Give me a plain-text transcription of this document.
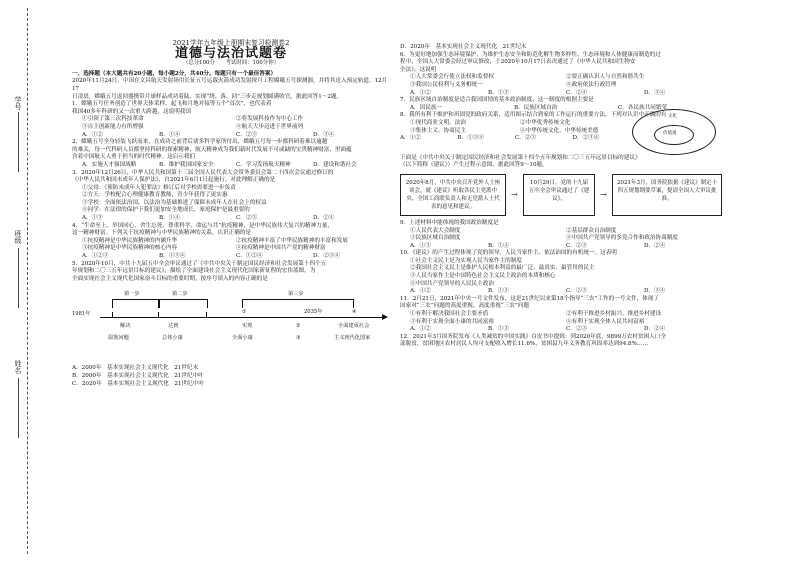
学号
班级
姓名
2021学年九年级上册期末复习检测卷2
道德与法治试题卷
（总分100分　　考试时间：100分钟）

一、选择题（本大题共有20小题，每小题2分，共40分。每题只有一个最佳答案）

2020年11月24日，中国在文昌航天发射场用长征五号运载火箭成功发射探月工程嫦娥五号探测器，并将其送入预定轨道。12月17

日凌晨，嫦娥五号返回器携带月球样品成功着陆，实现“绕、落、回”三步走规划圆满收官，据此回答1～2题。

1．嫦娥五号任务创造了世界天体采样、起飞和月地对接等五个“首次”，也代表着

我国40多年科研的又一次重大跨越，这说明我国

①引领了第三次科技革命	②将发展科技作为中心工作
③自主创新能力有所增强	④航天大步迈进于世界前列
A．①②	B．①④	C．②③	D．③④

2．嫦娥五号全身轻装飞跃而来，在成功之前背后诸多科学家所付出，嫦娥五号每一步都科研着难以逾越

的难关，每一代科研人员都坚持科研的探索精神，航天精神成为我们新时代发展不可或缺的宝贵精神财富，里面蕴

含着中国航天人勇于担当的时代精神。这启示我们

A．实施人才强国战略	B．维护我国国家安全	C．学习发扬航天精神	D．建设和谐社会

3．2020年12月26日，中华人民共和国第十三届全国人民代表大会常务委员会第二十四次会议通过修订的

《中华人民共和国未成年人保护法》，自2021年6月1日起施行。对此理解正确的是

①父母：《预防未成年人犯罪法》修订后对学校需要进一步负责

②方天：学校配合心理健康教育教师，青少年获得了更实惠

③学校：全面依法治国，以法治为基础推进了保障未成年人在社会上的权益

④同学：在法律的保护下我们更加安全地成长，家庭保护是最重要的

A．①③	B．①④	C．②③	D．②④

4．“生命至上、举国同心、舍生忘死、尊重科学、命运与共”抗疫精神，是中华民族伟大复兴的精神力量，

这一精神财富。下列关于抗疫精神与中华民族精神的关系，认识正确的是

①抗疫精神是中华民族精神的内涵升华	②抗疫精神丰富了中华民族精神的丰富和发展
③抗疫精神是中华民族精神的核心内容	④抗疫精神是中国共产党的精神财富
A．①②③	B．①③④	C．①②④	D．②③④

5．2020年10月，中共十九届五中全会审议通过了《中共中央关于制定国民经济和社会发展第十四个五

年规划和二〇三五年远景目标的建议》，描绘了全面建设社会主义现代化国家新征程的宏伟蓝图，为

全面实现社会主义现代化国家奋斗目标的重要时期，按序号填入的内容正确的是

第一步	第二步	第三步
1981年	①	2035年	④
解决	达到	实现	②
③
温饱问题	总体小康	全面小康
全面建成社会
主义现代化国家

A．2000年　基本实现社会主义现代化　21世纪末

B．2000年　基本实现社会主义现代化　21世纪中叶

C．2020年　基本实现社会主义现代化　21世纪中叶

D．2020年　基本实现社会主义现代化　21世纪末

6．为更好地加强生态环境保护，为维护生态安全和防范化解生物多样性、生态环境和人体健康而制造的过

程中，全国人大常委会经过审议修改，于2020年10月17日表决通过了《中华人民共和国生物安

全法》。这说明

①人大常委会行使立法权和监督权	②要正确认识人与自然和谐共生
③我国公民权利与义务相统一	④政府依法行政管理
A．①②	B．①③	C．②④	D．③④

7．民族区域自治制度是适合我国国情的基本政治制度，这一制度的根据主要是

A．因民族一	B．民族区域自治	C．各民族共同繁荣

8．我所有利于维护和巩固党的政府关系，适用图示结合到家的工作运行的重要方法，下列对认识中正确的有

①现代商业文明、法治	②中华优秀传统文化
③集体主义、协商民主	④中华传统文化、中华传统美德
A．①②	B．①③④	C．②③	D．②③④
文化
价值观

下面是《中共中央关于制定国民经济和社会发展第十四个五年规划和二〇三五年远景目标的建议》

（以下简称《建议》）产生过程示意图，据此回答9～10题。

2020年8月，中共中央召开党外人士座谈会，就《建议》听取各民主党派中央、全国工商联负责人和无党派人士代表的意见和建议。
→
10月29日，党的十九届五中全会审议通过了《建议》。	→
2021年3月，国务院依据《建议》制定十四五规划纲要草案，提请全国人大审议批准。

9．上述材料中能体现的我国政治制度是

①人民代表大会制度	②基层群众自治制度
③民族区域自治制度	④中国共产党领导的多党合作和政治协商制度
A．①③	B．①④	C．②③	D．②④

10．《建议》的产生过程体现了党的领导、人民当家作主、依法治国的有机统一。这表明

①社会主义民主是为实现人民当家作主的制度

②我国社会主义民主是维护人民根本利益的最广泛、最真实、最管用的民主

③人民当家作主是中国特色社会主义民主政治的本质和核心

④中国共产党领导的人民民主政治

A．①②	B．①③	C．②③	D．③④

11．2月21日，2021年中央一号文件发布，这是21世纪以来第18个指导“三农”工作的一号文件，体现了

国家对“三农”问题的高度重视。高度重视“三农”问题

①有利于解决我国社会主要矛盾	②有利于推进乡村振兴、推进乡村建设
③有利于实现全面小康的共同富裕	④有利于实现全体人民共同富裕
A．①②	B．①③	C．②③	D．②④

12．2021年3月国务院发布《人类减贫的中国实践》白皮书中提到：到2020年底，9899万农村贫困人口全

部脱贫，贫困地区农村居民人均可支配收入增长11.6%，贫困县九年义务教育巩固率达到94.8%……
